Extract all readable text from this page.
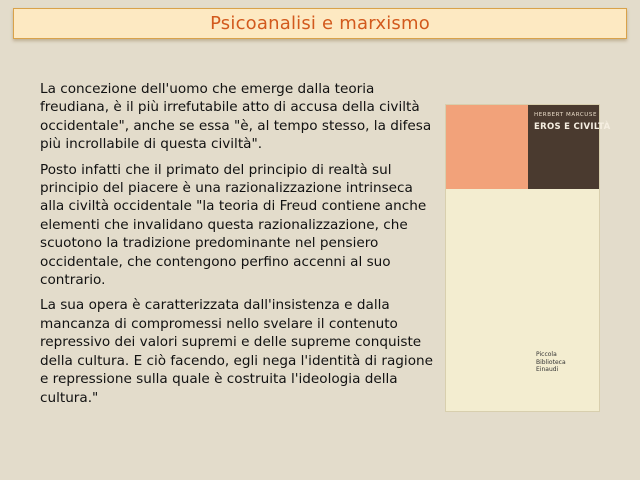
Psicoanalisi e marxismo

La concezione dell'uomo che emerge dalla teoria freudiana, è il più irrefutabile atto di accusa della civiltà occidentale", anche se essa "è, al tempo stesso, la difesa più incrollabile di questa civiltà".

Posto infatti che il primato del principio di realtà sul principio del piacere è una razionalizzazione intrinseca alla civiltà occidentale "la teoria di Freud contiene anche elementi che invalidano questa razionalizzazione, che scuotono la tradizione predominante nel pensiero occidentale, che contengono perfino accenni al suo contrario.

La sua opera è caratterizzata dall'insistenza e dalla mancanza di compromessi nello svelare il contenuto repressivo dei valori supremi e delle supreme conquiste della cultura. E ciò facendo, egli nega l'identità di ragione e repressione sulla quale è costruita l'ideologia della cultura."

HERBERT MARCUSE
EROS E CIVILTÀ
Piccola
Biblioteca
Einaudi
